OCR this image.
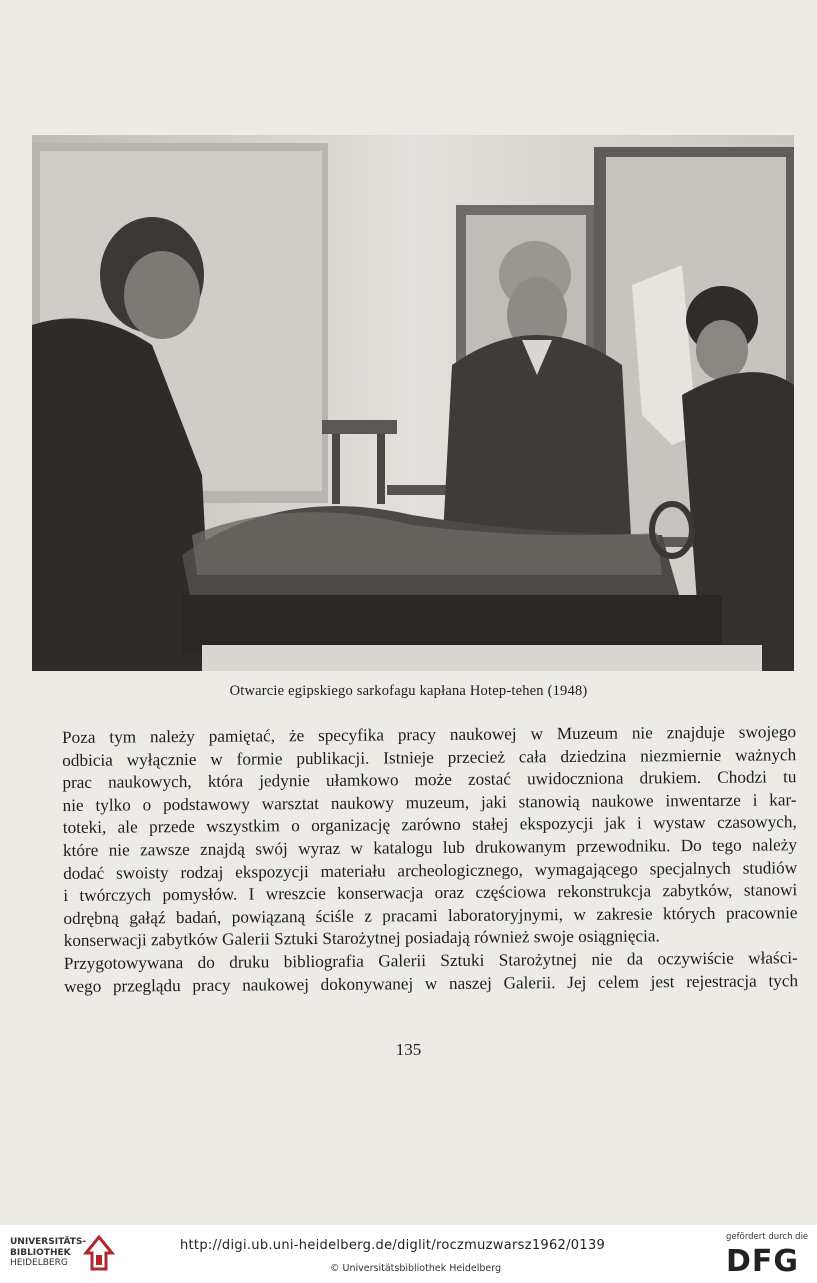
Otwarcie egipskiego sarkofagu kapłana Hotep-tehen (1948)

Poza tym należy pamiętać, że specyfika pracy naukowej w Muzeum nie znajduje swojego
odbicia wyłącznie w formie publikacji. Istnieje przecież cała dziedzina niezmiernie ważnych
prac naukowych, która jedynie ułamkowo może zostać uwidoczniona drukiem. Chodzi tu
nie tylko o podstawowy warsztat naukowy muzeum, jaki stanowią naukowe inwentarze i kar-
toteki, ale przede wszystkim o organizację zarówno stałej ekspozycji jak i wystaw czasowych,
które nie zawsze znajdą swój wyraz w katalogu lub drukowanym przewodniku. Do tego należy
dodać swoisty rodzaj ekspozycji materiału archeologicznego, wymagającego specjalnych studiów
i twórczych pomysłów. I wreszcie konserwacja oraz częściowa rekonstrukcja zabytków, stanowi
odrębną gałąź badań, powiązaną ściśle z pracami laboratoryjnymi, w zakresie których pracownie
konserwacji zabytków Galerii Sztuki Starożytnej posiadają również swoje osiągnięcia.

Przygotowywana do druku bibliografia Galerii Sztuki Starożytnej nie da oczywiście właści-
wego przeglądu pracy naukowej dokonywanej w naszej Galerii. Jej celem jest rejestracja tych

135
UNIVERSITÄTS-
BIBLIOTHEK
HEIDELBERG
http://digi.ub.uni-heidelberg.de/diglit/roczmuzwarsz1962/0139
© Universitätsbibliothek Heidelberg
gefördert durch die
DFG
